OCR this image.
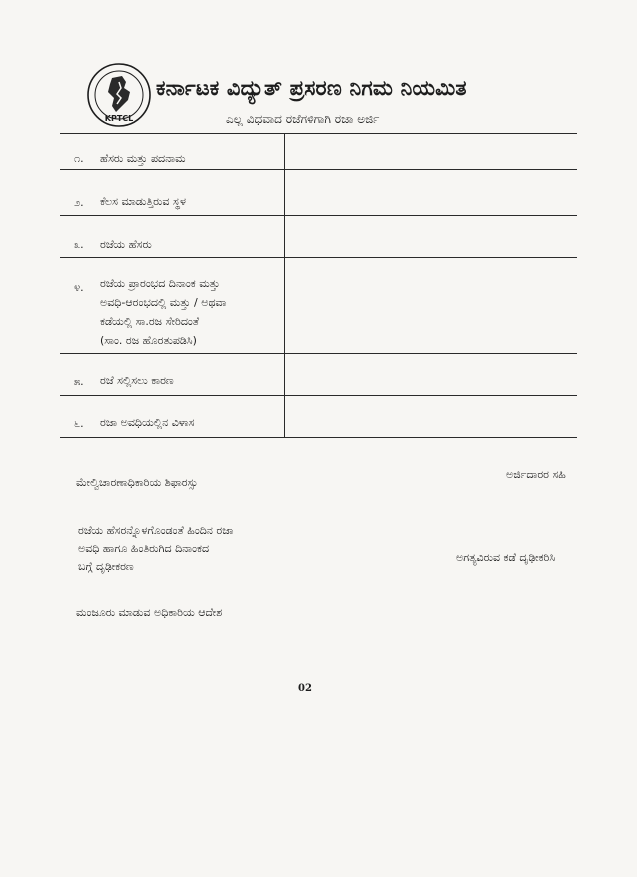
KPTCL
ಕರ್ನಾಟಕ ವಿದ್ಯುತ್ ಪ್ರಸರಣ ನಿಗಮ ನಿಯಮಿತ
ಎಲ್ಲ ವಿಧವಾದ ರಜೆಗಳಿಗಾಗಿ ರಜಾ ಅರ್ಜಿ
೧. ಹೆಸರು ಮತ್ತು ಪದನಾಮ
೨. ಕೆಲಸ ಮಾಡುತ್ತಿರುವ ಸ್ಥಳ
೩. ರಜೆಯ ಹೆಸರು
೪. ರಜೆಯ ಪ್ರಾರಂಭದ ದಿನಾಂಕ ಮತ್ತು
ಅವಧಿ-ಆರಂಭದಲ್ಲಿ ಮತ್ತು / ಅಥವಾ
ಕಡೆಯಲ್ಲಿ ಸಾ.ರಜ ಸೇರಿದಂತೆ
(ಸಾಂ. ರಜ ಹೊರತುಪಡಿಸಿ)
೫. ರಜೆ ಸಲ್ಲಿಸಲು ಕಾರಣ
೬. ರಜಾ ಅವಧಿಯಲ್ಲಿನ ವಿಳಾಸ
ಅರ್ಜಿದಾರರ ಸಹಿ
ಮೇಲ್ವಿಚಾರಣಾಧಿಕಾರಿಯ ಶಿಫಾರಸ್ಸು
ರಜೆಯ ಹೆಸರನ್ನೊಳಗೊಂಡಂತೆ ಹಿಂದಿನ ರಜಾ
ಅವಧಿ ಹಾಗೂ ಹಿಂತಿರುಗಿದ ದಿನಾಂಕದ
ಬಗ್ಗೆ ದೃಢೀಕರಣ
ಅಗತ್ಯವಿರುವ ಕಡೆ ದೃಢೀಕರಿಸಿ
ಮಂಜೂರು ಮಾಡುವ ಅಧಿಕಾರಿಯ ಆದೇಶ
02
